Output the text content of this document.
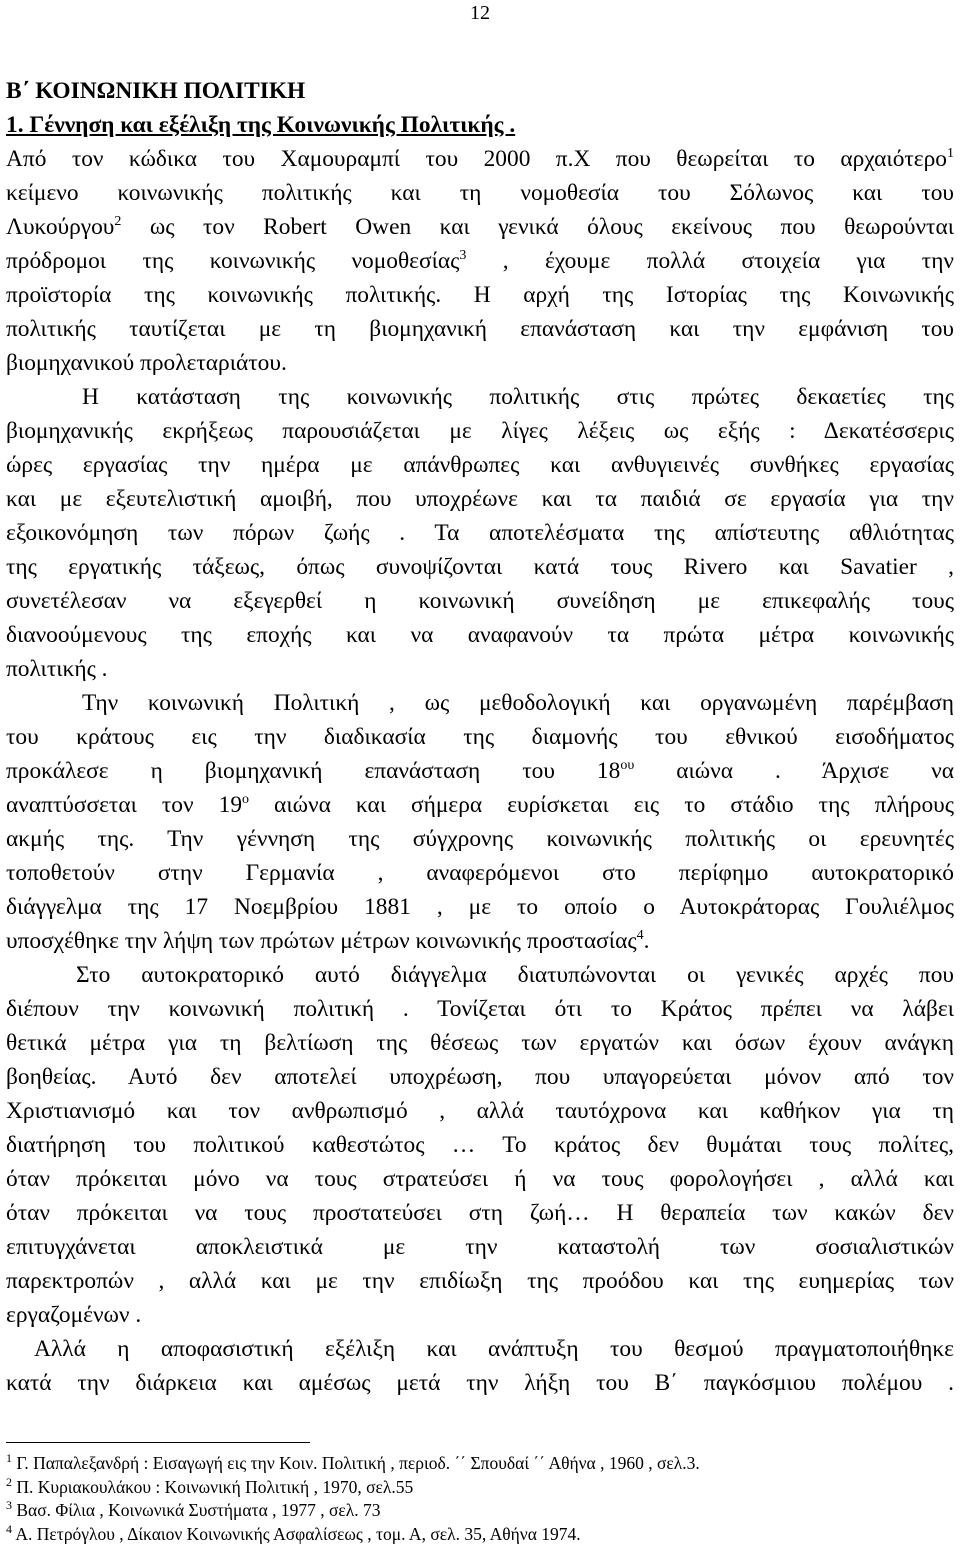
12

Β΄ ΚΟΙΝΩΝΙΚΗ ΠΟΛΙΤΙΚΗ

1. Γέννηση και εξέλιξη της Κοινωνικής Πολιτικής .

Από τον κώδικα του Χαμουραμπί του 2000 π.Χ που θεωρείται το αρχαιότερο$^1$
κείμενο κοινωνικής πολιτικής και τη νομοθεσία του Σόλωνος και του
Λυκούργου$^2$ ως τον Robert Owen και γενικά όλους εκείνους που θεωρούνται
πρόδρομοι της κοινωνικής νομοθεσίας$^3$ , έχουμε πολλά στοιχεία για την
προϊστορία της κοινωνικής πολιτικής. Η αρχή της Ιστορίας της Κοινωνικής
πολιτικής ταυτίζεται με τη βιομηχανική επανάσταση και την εμφάνιση του
βιομηχανικού προλεταριάτου.
Η κατάσταση της κοινωνικής πολιτικής στις πρώτες δεκαετίες της
βιομηχανικής εκρήξεως παρουσιάζεται με λίγες λέξεις ως εξής : Δεκατέσσερις
ώρες εργασίας την ημέρα με απάνθρωπες και ανθυγιεινές συνθήκες εργασίας
και με εξευτελιστική αμοιβή, που υποχρέωνε και τα παιδιά σε εργασία για την
εξοικονόμηση των πόρων ζωής . Τα αποτελέσματα της απίστευτης αθλιότητας
της εργατικής τάξεως, όπως συνοψίζονται κατά τους Rivero και Savatier ,
συνετέλεσαν να εξεγερθεί η κοινωνική συνείδηση με επικεφαλής τους
διανοούμενους της εποχής και να αναφανούν τα πρώτα μέτρα κοινωνικής
πολιτικής .
Την κοινωνική Πολιτική , ως μεθοδολογική και οργανωμένη παρέμβαση
του κράτους εις την διαδικασία της διαμονής του εθνικού εισοδήματος
προκάλεσε η βιομηχανική επανάσταση του $18^{o\upsilon}$ αιώνα . Άρχισε να
αναπτύσσεται τον $19^o$ αιώνα και σήμερα ευρίσκεται εις το στάδιο της πλήρους
ακμής της. Την γέννηση της σύγχρονης κοινωνικής πολιτικής οι ερευνητές
τοποθετούν στην Γερμανία , αναφερόμενοι στο περίφημο αυτοκρατορικό
διάγγελμα της 17 Νοεμβρίου 1881 , με το οποίο ο Αυτοκράτορας Γουλιέλμος
υποσχέθηκε την λήψη των πρώτων μέτρων κοινωνικής προστασίας$^4$.
Στο αυτοκρατορικό αυτό διάγγελμα διατυπώνονται οι γενικές αρχές που
διέπουν την κοινωνική πολιτική . Τονίζεται ότι το Κράτος πρέπει να λάβει
θετικά μέτρα για τη βελτίωση της θέσεως των εργατών και όσων έχουν ανάγκη
βοηθείας. Αυτό δεν αποτελεί υποχρέωση, που υπαγορεύεται μόνον από τον
Χριστιανισμό και τον ανθρωπισμό , αλλά ταυτόχρονα και καθήκον για τη
διατήρηση του πολιτικού καθεστώτος … Το κράτος δεν θυμάται τους πολίτες,
όταν πρόκειται μόνο να τους στρατεύσει ή να τους φορολογήσει , αλλά και
όταν πρόκειται να τους προστατεύσει στη ζωή… Η θεραπεία των κακών δεν
επιτυγχάνεται αποκλειστικά με την καταστολή των σοσιαλιστικών
παρεκτροπών , αλλά και με την επιδίωξη της προόδου και της ευημερίας των
εργαζομένων .
Αλλά η αποφασιστική εξέλιξη και ανάπτυξη του θεσμού πραγματοποιήθηκε
κατά την διάρκεια και αμέσως μετά την λήξη του Β΄ παγκόσμιου πολέμου .
$^1$ Γ. Παπαλεξανδρή : Εισαγωγή εις την Κοιν. Πολιτική , περιοδ. ΄΄ Σπουδαί ΄΄ Αθήνα , 1960 , σελ.3.
$^2$ Π. Κυριακουλάκου : Κοινωνική Πολιτική , 1970, σελ.55
$^3$ Βασ. Φίλια , Κοινωνικά Συστήματα , 1977 , σελ. 73
$^4$ Α. Πετρόγλου , Δίκαιον Κοινωνικής Ασφαλίσεως , τομ. Α, σελ. 35, Αθήνα 1974.
